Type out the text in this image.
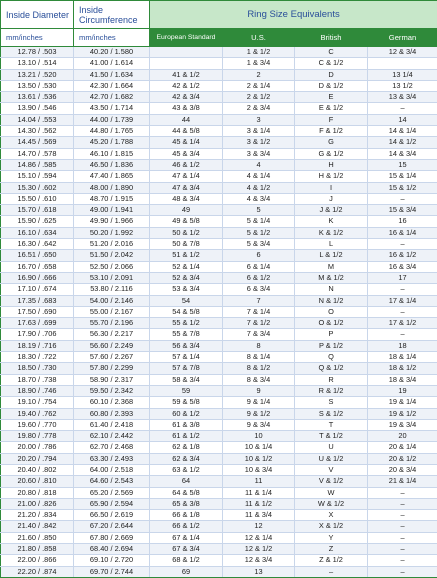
Inside Diameter	Inside Circumference	Ring Size Equivalents			
mm/inches	mm/inches	European Standard	U.S.	British	German
12.78 / .503	40.20 / 1.580		1 & 1/2	C	12 & 3/4
13.10 / .514	41.00 / 1.614		1 & 3/4	C & 1/2	
13.21 / .520	41.50 / 1.634	41 & 1/2	2	D	13 1/4
13.50 / .530	42.30 / 1.664	42 & 1/2	2 & 1/4	D & 1/2	13 1/2
13.61 / .536	42.70 / 1.682	42 & 3/4	2 & 1/2	E	13 & 3/4
13.90 / .546	43.50 / 1.714	43 & 3/8	2 & 3/4	E & 1/2	–
14.04 / .553	44.00 / 1.739	44	3	F	14
14.30 / .562	44.80 / 1.765	44 & 5/8	3 & 1/4	F & 1/2	14 & 1/4
14.45 / .569	45.20 / 1.788	45 & 1/4	3 & 1/2	G	14 & 1/2
14.70 / .578	46.10 / 1.815	45 & 3/4	3 & 3/4	G & 1/2	14 & 3/4
14.86 / .585	46.50 / 1.836	46 & 1/2	4	H	15
15.10 / .594	47.40 / 1.865	47 & 1/4	4 & 1/4	H & 1/2	15 & 1/4
15.30 / .602	48.00 / 1.890	47 & 3/4	4 & 1/2	I	15 & 1/2
15.50 / .610	48.70 / 1.915	48 & 3/4	4 & 3/4	J	–
15.70 / .618	49.00 / 1.941	49	5	J & 1/2	15 & 3/4
15.90 / .625	49.90 / 1.966	49 & 5/8	5 & 1/4	K	16
16.10 / .634	50.20 / 1.992	50 & 1/2	5 & 1/2	K & 1/2	16 & 1/4
16.30 / .642	51.20 / 2.016	50 & 7/8	5 & 3/4	L	–
16.51 / .650	51.50 / 2.042	51 & 1/2	6	L & 1/2	16 & 1/2
16.70 / .658	52.50 / 2.066	52 & 1/4	6 & 1/4	M	16 & 3/4
16.90 / .666	53.10 / 2.091	52 & 3/4	6 & 1/2	M & 1/2	17
17.10 / .674	53.80 / 2.116	53 & 3/4	6 & 3/4	N	–
17.35 / .683	54.00 / 2.146	54	7	N & 1/2	17 & 1/4
17.50 / .690	55.00 / 2.167	54 & 5/8	7 & 1/4	O	–
17.63 / .699	55.70 / 2.196	55 & 1/2	7 & 1/2	O & 1/2	17 & 1/2
17.90 / .706	56.30 / 2.217	55 & 7/8	7 & 3/4	P	–
18.19 / .716	56.60 / 2.249	56 & 3/4	8	P & 1/2	18
18.30 / .722	57.60 / 2.267	57 & 1/4	8 & 1/4	Q	18 & 1/4
18.50 / .730	57.80 / 2.299	57 & 7/8	8 & 1/2	Q & 1/2	18 & 1/2
18.70 / .738	58.90 / 2.317	58 & 3/4	8 & 3/4	R	18 & 3/4
18.90 / .746	59.50 / 2.342	59	9	R & 1/2	19
19.10 / .754	60.10 / 2.368	59 & 5/8	9 & 1/4	S	19 & 1/4
19.40 / .762	60.80 / 2.393	60 & 1/2	9 & 1/2	S & 1/2	19 & 1/2
19.60 / .770	61.40 / 2.418	61 & 3/8	9 & 3/4	T	19 & 3/4
19.80 / .778	62.10 / 2.442	61 & 1/2	10	T & 1/2	20
20.00 / .786	62.70 / 2.468	62 & 1/8	10 & 1/4	U	20 & 1/4
20.20 / .794	63.30 / 2.493	62 & 3/4	10 & 1/2	U & 1/2	20 & 1/2
20.40 / .802	64.00 / 2.518	63 & 1/2	10 & 3/4	V	20 & 3/4
20.60 / .810	64.60 / 2.543	64	11	V & 1/2	21 & 1/4
20.80 / .818	65.20 / 2.569	64 & 5/8	11 & 1/4	W	–
21.00 / .826	65.90 / 2.594	65 & 3/8	11 & 1/2	W & 1/2	–
21.20 / .834	66.50 / 2.619	66 & 1/8	11 & 3/4	X	–
21.40 / .842	67.20 / 2.644	66 & 1/2	12	X & 1/2	–
21.60 / .850	67.80 / 2.669	67 & 1/4	12 & 1/4	Y	–
21.80 / .858	68.40 / 2.694	67 & 3/4	12 & 1/2	Z	–
22.00 / .866	69.10 / 2.720	68 & 1/2	12 & 3/4	Z & 1/2	–
22.20 / .874	69.70 / 2.744	69	13	–	–
